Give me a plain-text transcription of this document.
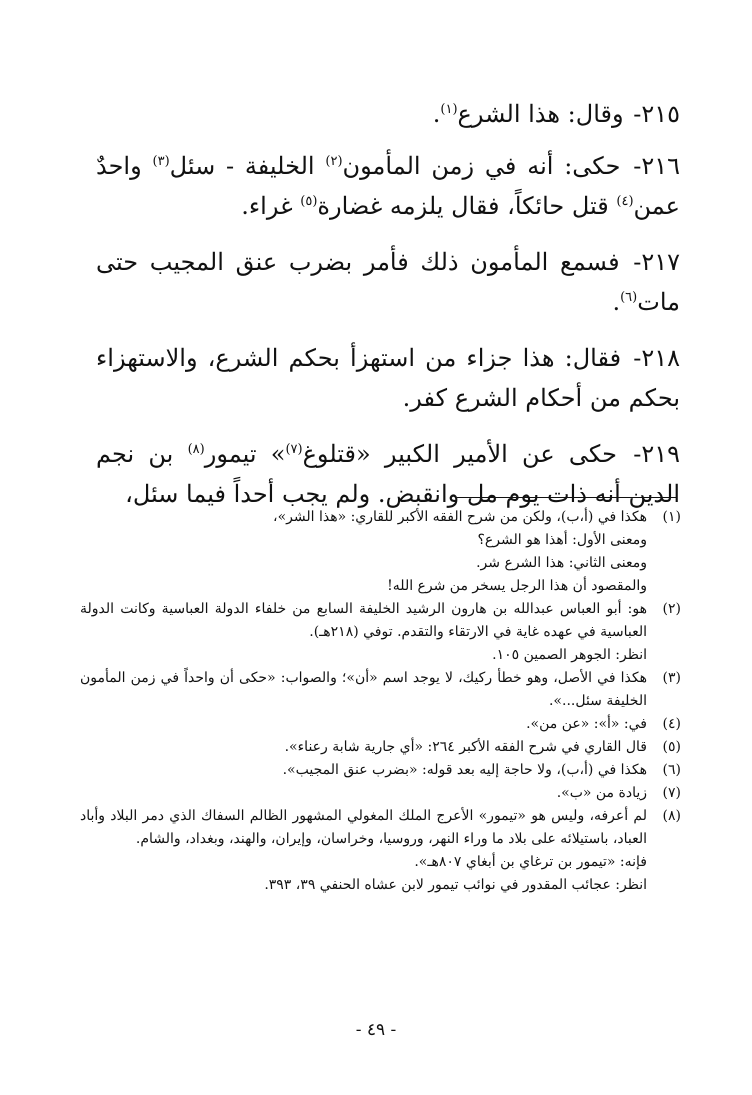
٢١٥- وقال: هذا الشرع$^{(١)}$.
٢١٦- حكى: أنه في زمن المأمون$^{(٢)}$ الخليفة - سئل$^{(٣)}$ واحدٌ عمن$^{(٤)}$ قتل حائكاً، فقال يلزمه غضارة$^{(٥)}$ غراء.
٢١٧- فسمع المأمون ذلك فأمر بضرب عنق المجيب حتى مات$^{(٦)}$.
٢١٨- فقال: هذا جزاء من استهزأ بحكم الشرع، والاستهزاء بحكم من أحكام الشرع كفر.
٢١٩- حكى عن الأمير الكبير «قتلوغ$^{(٧)}$» تيمور$^{(٨)}$ بن نجم الدين أنه ذات يوم مل وانقبض. ولم يجب أحداً فيما سئل،
(١)
هكذا في (أ،ب)، ولكن من شرح الفقه الأكبر للقاري: «هذا الشر»،
ومعنى الأول: أهذا هو الشرع؟
ومعنى الثاني: هذا الشرع شر.
والمقصود أن هذا الرجل يسخر من شرع الله!
(٢)
هو: أبو العباس عبدالله بن هارون الرشيد الخليفة السابع من خلفاء الدولة العباسية وكانت الدولة العباسية في عهده غاية في الارتقاء والتقدم. توفي (٢١٨هـ).
انظر: الجوهر الصمين ١٠٥.
(٣)
هكذا في الأصل، وهو خطأ ركيك، لا يوجد اسم «أن»؛ والصواب: «حكى أن واحداً في زمن المأمون الخليفة سئل...».
(٤)
في: «أ»: «عن من».
(٥)
قال القاري في شرح الفقه الأكبر ٢٦٤: «أي جارية شابة رعناء».
(٦)
هكذا في (أ،ب)، ولا حاجة إليه بعد قوله: «بضرب عنق المجيب».
(٧)
زيادة من «ب».
(٨)
لم أعرفه، وليس هو «تيمور» الأعرج الملك المغولي المشهور الظالم السفاك الذي دمر البلاد وأباد العباد، باستيلائه على بلاد ما وراء النهر، وروسيا، وخراسان، وإيران، والهند، وبغداد، والشام.
فإنه: «تيمور بن ترغاي بن أبغاي ٨٠٧هـ».
انظر: عجائب المقدور في نوائب تيمور لابن عشاه الحنفي ٣٩، ٣٩٣.
- ٤٩ -
